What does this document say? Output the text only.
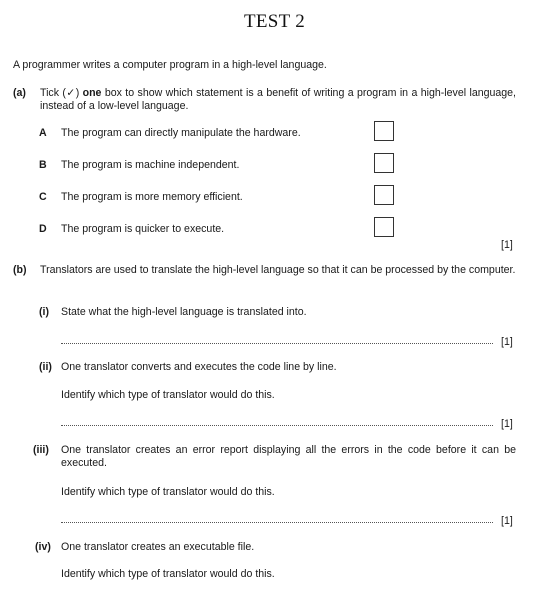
TEST 2
A programmer writes a computer program in a high-level language.
(a) Tick (✓) one box to show which statement is a benefit of writing a program in a high-level language, instead of a low-level language.
A The program can directly manipulate the hardware.
B The program is machine independent.
C The program is more memory efficient.
D The program is quicker to execute.
[1]
(b) Translators are used to translate the high-level language so that it can be processed by the computer.
(i) State what the high-level language is translated into.
[1]
(ii) One translator converts and executes the code line by line.
Identify which type of translator would do this.
[1]
(iii) One translator creates an error report displaying all the errors in the code before it can be executed.
Identify which type of translator would do this.
[1]
(iv) One translator creates an executable file.
Identify which type of translator would do this.
